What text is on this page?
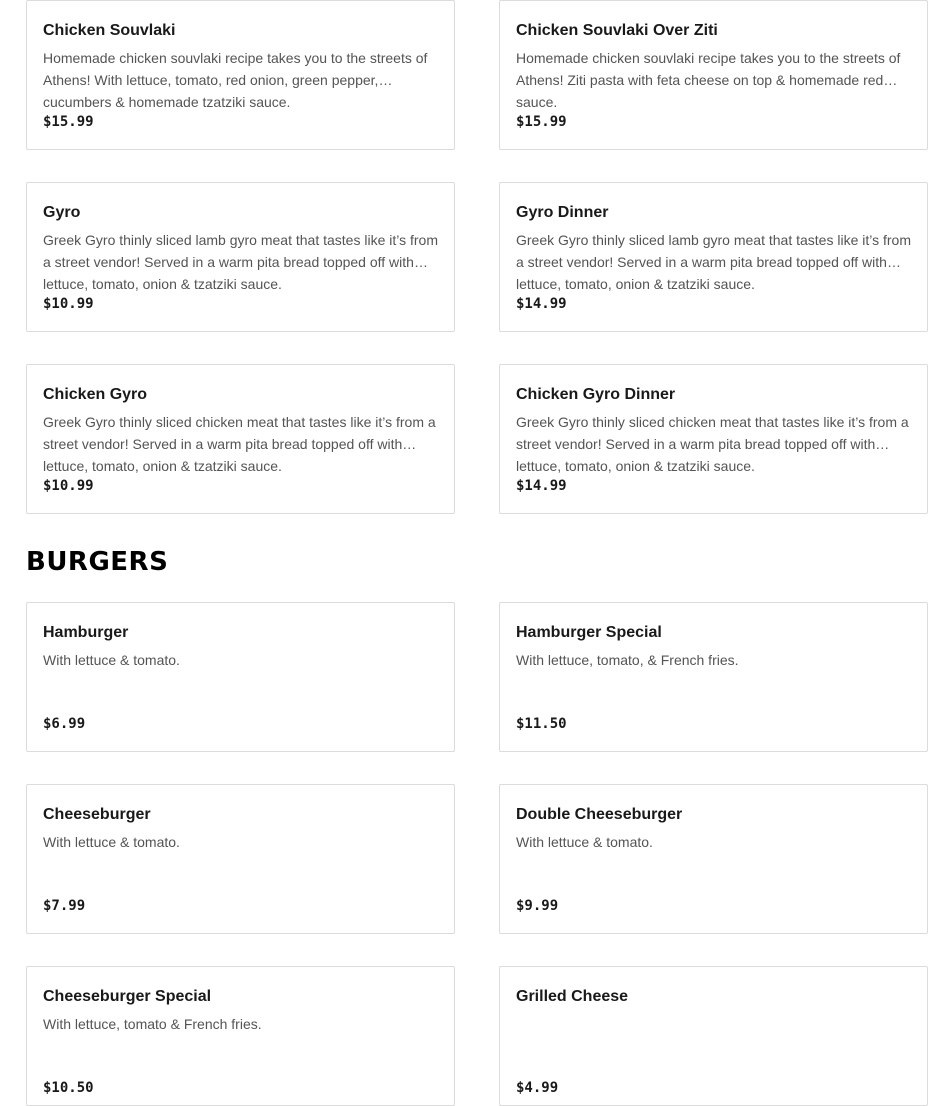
Chicken Souvlaki
Homemade chicken souvlaki recipe takes you to the streets of Athens! With lettuce, tomato, red onion, green pepper, cucumbers & homemade tzatziki sauce.
$15.99
Chicken Souvlaki Over Ziti
Homemade chicken souvlaki recipe takes you to the streets of Athens! Ziti pasta with feta cheese on top & homemade red sauce.
$15.99
Gyro
Greek Gyro thinly sliced lamb gyro meat that tastes like it’s from a street vendor! Served in a warm pita bread topped off with lettuce, tomato, onion & tzatziki sauce.
$10.99
Gyro Dinner
Greek Gyro thinly sliced lamb gyro meat that tastes like it’s from a street vendor! Served in a warm pita bread topped off with lettuce, tomato, onion & tzatziki sauce.
$14.99
Chicken Gyro
Greek Gyro thinly sliced chicken meat that tastes like it’s from a street vendor! Served in a warm pita bread topped off with lettuce, tomato, onion & tzatziki sauce.
$10.99
Chicken Gyro Dinner
Greek Gyro thinly sliced chicken meat that tastes like it’s from a street vendor! Served in a warm pita bread topped off with lettuce, tomato, onion & tzatziki sauce.
$14.99
BURGERS
Hamburger
With lettuce & tomato.
$6.99
Hamburger Special
With lettuce, tomato, & French fries.
$11.50
Cheeseburger
With lettuce & tomato.
$7.99
Double Cheeseburger
With lettuce & tomato.
$9.99
Cheeseburger Special
With lettuce, tomato & French fries.
$10.50
Grilled Cheese
$4.99
